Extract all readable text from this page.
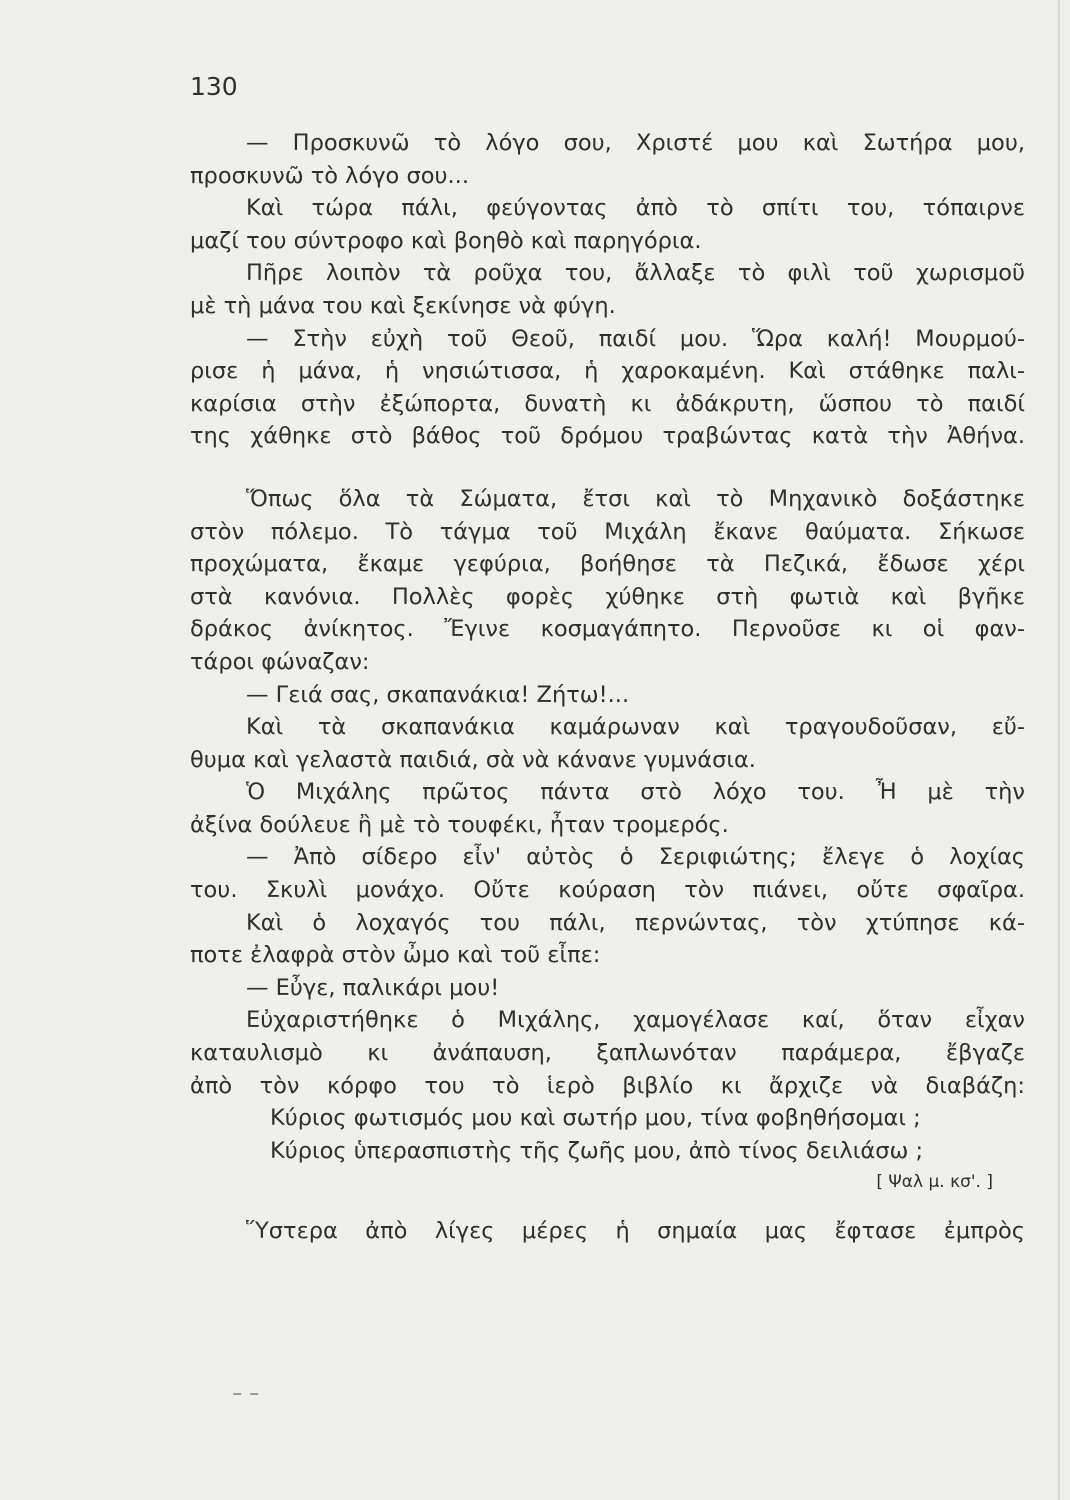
130
— Προσκυνῶ τὸ λόγο σου, Χριστέ μου καὶ Σωτήρα μου,
προσκυνῶ τὸ λόγο σου...
Καὶ τώρα πάλι, φεύγοντας ἀπὸ τὸ σπίτι του, τόπαιρνε
μαζί του σύντροφο καὶ βοηθὸ καὶ παρηγόρια.
Πῆρε λοιπὸν τὰ ροῦχα του, ἄλλαξε τὸ φιλὶ τοῦ χωρισμοῦ
μὲ τὴ μάνα του καὶ ξεκίνησε νὰ φύγη.
— Στὴν εὐχὴ τοῦ Θεοῦ, παιδί μου. Ὥρα καλή! Μουρμού-
ρισε ἡ μάνα, ἡ νησιώτισσα, ἡ χαροκαμένη. Καὶ στάθηκε παλι-
καρίσια στὴν ἐξώπορτα, δυνατὴ κι ἀδάκρυτη, ὥσπου τὸ παιδί
της χάθηκε στὸ βάθος τοῦ δρόμου τραβώντας κατὰ τὴν Ἀθήνα.
Ὅπως ὅλα τὰ Σώματα, ἔτσι καὶ τὸ Μηχανικὸ δοξάστηκε
στὸν πόλεμο. Τὸ τάγμα τοῦ Μιχάλη ἔκανε θαύματα. Σήκωσε
προχώματα, ἔκαμε γεφύρια, βοήθησε τὰ Πεζικά, ἔδωσε χέρι
στὰ κανόνια. Πολλὲς φορὲς χύθηκε στὴ φωτιὰ καὶ βγῆκε
δράκος ἀνίκητος. Ἔγινε κοσμαγάπητο. Περνοῦσε κι οἱ φαν-
τάροι φώναζαν:
— Γειά σας, σκαπανάκια! Ζήτω!...
Καὶ τὰ σκαπανάκια καμάρωναν καὶ τραγουδοῦσαν, εὔ-
θυμα καὶ γελαστὰ παιδιά, σὰ νὰ κάνανε γυμνάσια.
Ὁ Μιχάλης πρῶτος πάντα στὸ λόχο του. Ἦ μὲ τὴν
ἀξίνα δούλευε ἢ μὲ τὸ τουφέκι, ἦταν τρομερός.
— Ἀπὸ σίδερο εἶν' αὐτὸς ὁ Σεριφιώτης; ἔλεγε ὁ λοχίας
του. Σκυλὶ μονάχο. Οὔτε κούραση τὸν πιάνει, οὔτε σφαῖρα.
Καὶ ὁ λοχαγός του πάλι, περνώντας, τὸν χτύπησε κά-
ποτε ἐλαφρὰ στὸν ὦμο καὶ τοῦ εἶπε:
— Εὖγε, παλικάρι μου!
Εὐχαριστήθηκε ὁ Μιχάλης, χαμογέλασε καί, ὅταν εἶχαν
καταυλισμὸ κι ἀνάπαυση, ξαπλωνόταν παράμερα, ἔβγαζε
ἀπὸ τὸν κόρφο του τὸ ἱερὸ βιβλίο κι ἄρχιζε νὰ διαβάζη:
Κύριος φωτισμός μου καὶ σωτήρ μου, τίνα φοβηθήσομαι ;
Κύριος ὑπερασπιστὴς τῆς ζωῆς μου, ἀπὸ τίνος δειλιάσω ;
[ Ψαλ μ. κσ'. ]
Ὕστερα ἀπὸ λίγες μέρες ἡ σημαία μας ἔφτασε ἐμπρὸς
⁻ ⁻
